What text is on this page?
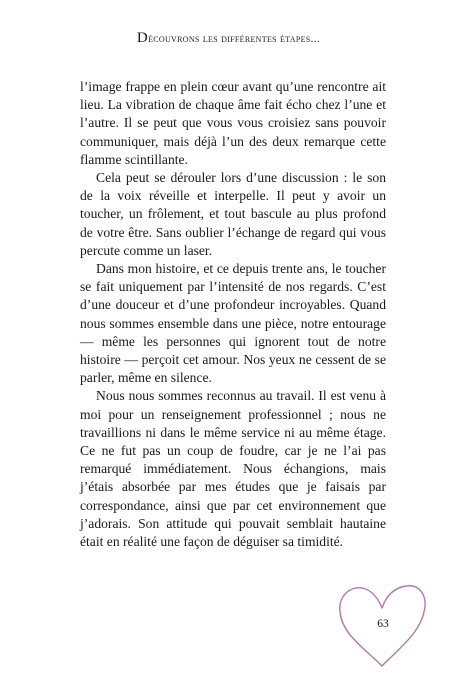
Découvrons les différentes étapes...

l’image frappe en plein cœur avant qu’une rencontre ait lieu. La vibration de chaque âme fait écho chez l’une et l’autre. Il se peut que vous vous croisiez sans pouvoir communiquer, mais déjà l’un des deux remarque cette flamme scintillante.

Cela peut se dérouler lors d’une discussion : le son de la voix réveille et interpelle. Il peut y avoir un toucher, un frôlement, et tout bascule au plus profond de votre être. Sans oublier l’échange de regard qui vous percute comme un laser.

Dans mon histoire, et ce depuis trente ans, le toucher se fait uniquement par l’intensité de nos regards. C’est d’une douceur et d’une profondeur incroyables. Quand nous sommes ensemble dans une pièce, notre entourage — même les personnes qui ignorent tout de notre histoire — perçoit cet amour. Nos yeux ne cessent de se parler, même en silence.

Nous nous sommes reconnus au travail. Il est venu à moi pour un renseignement professionnel ; nous ne travaillions ni dans le même service ni au même étage. Ce ne fut pas un coup de foudre, car je ne l’ai pas remarqué immédiatement. Nous échangions, mais j’étais absorbée par mes études que je faisais par correspondance, ainsi que par cet environnement que j’adorais. Son attitude qui pouvait semblait hautaine était en réalité une façon de déguiser sa timidité.

63
